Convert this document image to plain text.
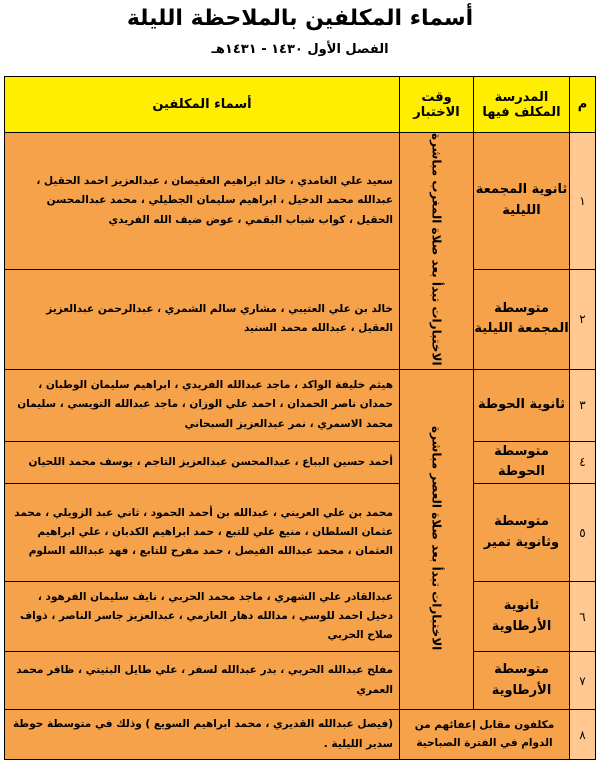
أسماء المكلفين بالملاحظة الليلة
الفصل الأول ١٤٣٠ - ١٤٣١هـ
م	المدرسة المكلف فيها	وقت الاختبار	أسماء المكلفين
١	ثانوية المجمعة الليلية	الاختبارات تبدأ بعد صلاة المغرب مباشرة	سعيد علي الغامدي ، خالد ابراهيم العقيصان ، عبدالعزيز احمد الحقيل ، عبدالله محمد الدخيل ، ابراهيم سليمان الجطيلي ، محمد عبدالمحسن الحقيل ، كواب شباب البقمي ، عوض ضيف الله الفريدي
٢	متوسطة المجمعة الليلية		خالد بن علي العتيبي ، مشاري سالم الشمري ، عبدالرحمن عبدالعزيز العقيل ، عبدالله محمد السنيد
٣	ثانوية الحوطة	الاختبارات تبدأ بعد صلاة العصر مباشرة	هيثم خليفة الواكد ، ماجد عبدالله الفريدي ، ابراهيم سليمان الوطبان ، حمدان ناصر الحمدان ، احمد علي الوزان ، ماجد عبدالله التويسي ، سليمان محمد الاسمري ، نمر عبدالعزيز السبحاني
٤	متوسطة الحوطة		أحمد حسين البباع ، عبدالمحسن عبدالعزيز التاجم ، يوسف محمد اللحيان
٥	متوسطة وثانوية تمير		محمد بن علي العريني ، عبدالله بن أحمد الحمود ، ثاني عبد الزويلي ، محمد عثمان السلطان ، منيع علي للتبع ، حمد ابراهيم الكدبان ، علي ابراهيم العثمان ، محمد عبدالله الفيصل ، حمد مفرح للتابع ، فهد عبدالله السلوم
٦	ثانوية الأرطاوية		عبدالقادر علي الشهري ، ماجد محمد الحربي ، نايف سليمان الفرهود ، دخيل احمد للوسي ، مدالله دهار العازمي ، عبدالعزيز جاسر الناصر ، ذواف صلاح الحربي
٧	متوسطة الأرطاوية		مفلح عبدالله الحربي ، بدر عبدالله لسفر ، علي طايل البثيتي ، ظافر محمد العمري
٨	مكلفون مقابل إعفائهم من الدوام في الفترة الصباحية		(فيصل عبدالله القديري ، محمد ابراهيم السويع ) وذلك في متوسطة حوطة سدير الليلية .
